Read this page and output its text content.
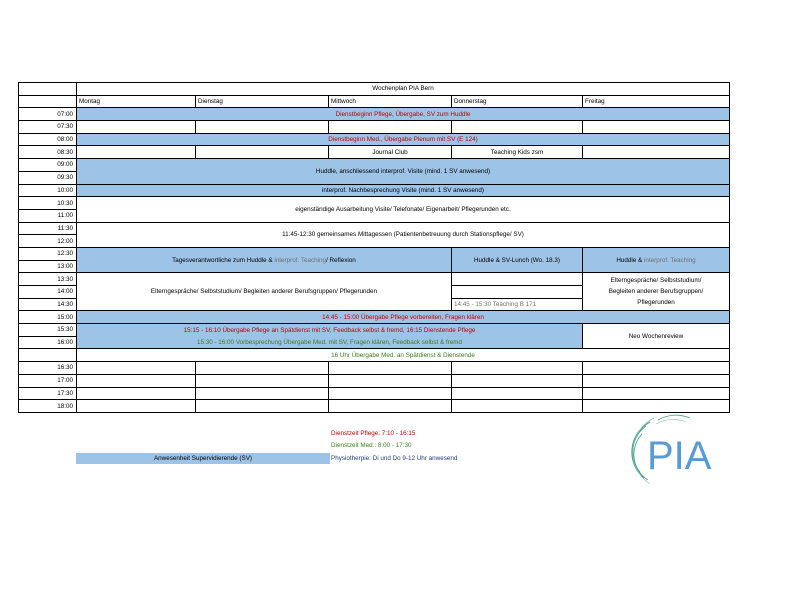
	Wochenplan PIA Bern				
	Montag	Dienstag	Mittwoch	Donnerstag	Freitag
07:00	Dienstbeginn Pflege, Übergabe, SV zum Huddle				
07:30					
08:00	Dienstbeginn Med., Übergabe Plenum mit SV (E 124)				
08:30			Journal Club	Teaching Kids zsm	
09:00	Huddle, anschliessend interprof. Visite (mind. 1 SV anwesend)				
09:30					
10:00	interprof. Nachbesprechung Visite (mind. 1 SV anwesend)				
10:30	eigenständige Ausarbeitung Visite/ Telefonate/ Eigenarbeit/ Pflegerunden etc.				
11:00					
11:30	11:45-12:30 gemeinsames Mittagessen (Patientenbetreuung durch Stationspflege/ SV)				
12:00					
12:30	Tagesverantwortliche zum Huddle & interprof. Teaching/ Reflexion			Huddle & SV-Lunch (Wo. 18.3)	Huddle & interprof. Teaching
13:00					
13:30	Elterngespräche/ Selbststudium/ Begleiten anderer Berufsgruppen/ Pflegerunden				Elterngespräche/ Selbststudium/
Begleiten anderer Berufsgruppen/
Pflegerunden

14:00					
14:30				14:45 - 15:30 Teaching B 171	
15:00	14:45 - 15:00 Übergabe Pflege vorbereiten, Fragen klären				
15:30	15:15 - 16:10 Übergabe Pflege an Spätdienst mit SV, Feedback selbst & fremd, 16:15 Dienstende Pflege				Neo Wochenreview
16:00	15:30 - 16:00 Vorbesprechung Übergabe Med. mit SV, Fragen klären, Feedback selbst & fremd				
	16 Uhr Übergabe Med. an Spätdienst & Dienstende				
16:30					
17:00					
17:30					
18:00					
Dienstzeit Pflege: 7:10 - 16:15
Dienstzeit Med.: 8:00 - 17:30
Anwesenheit Supervidierende (SV)	Physiotherpie: Di und Do 9-12 Uhr anwesend	PIA
